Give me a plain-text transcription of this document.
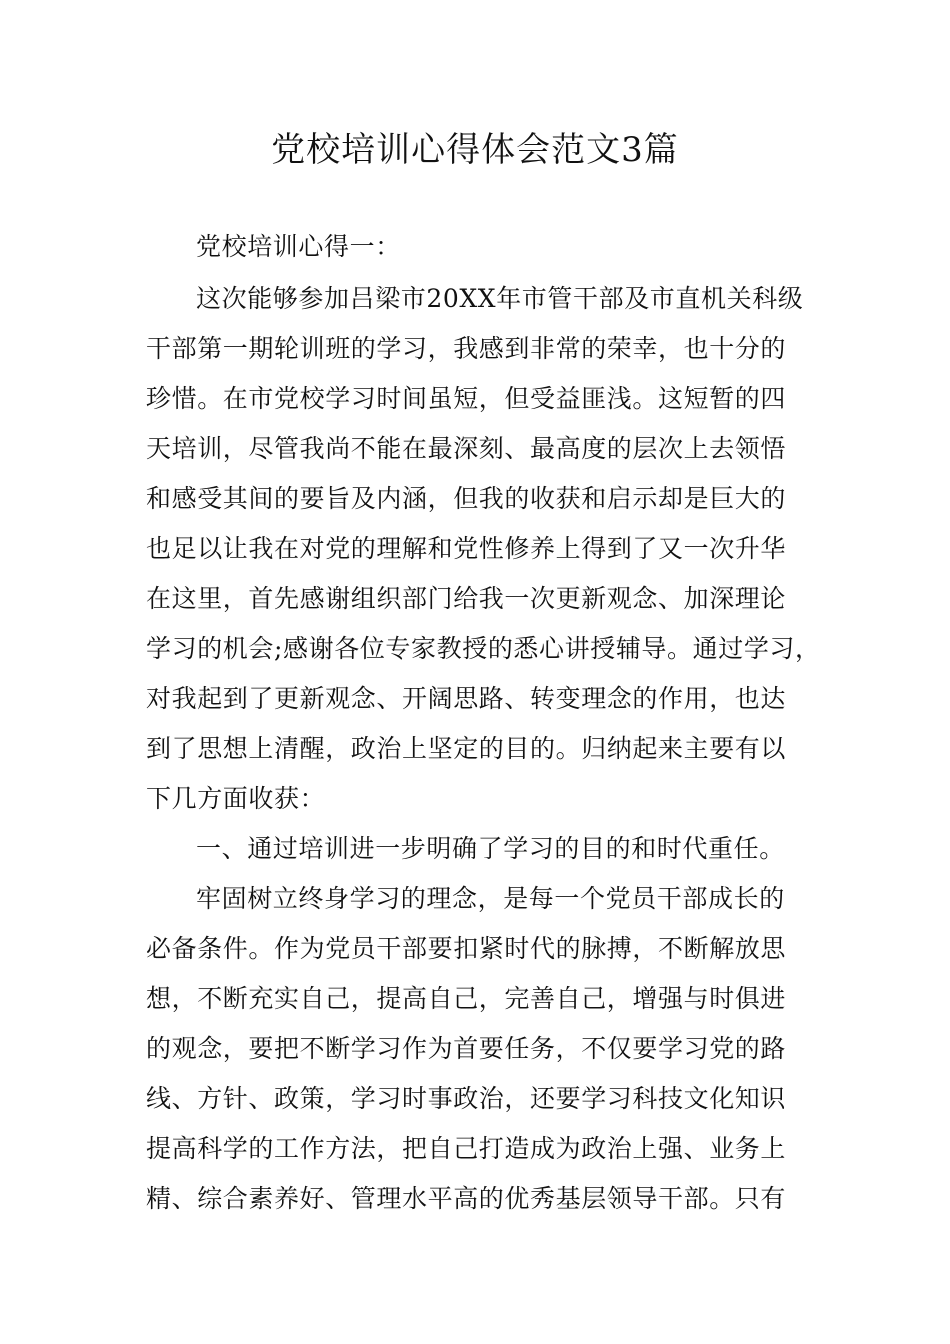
党校培训心得体会范文3篇

党校培训心得一：

这次能够参加吕梁市20XX年市管干部及市直机关科级

干部第一期轮训班的学习，我感到非常的荣幸，也十分的

珍惜。在市党校学习时间虽短，但受益匪浅。这短暂的四

天培训，尽管我尚不能在最深刻、最高度的层次上去领悟

和感受其间的要旨及内涵，但我的收获和启示却是巨大的

也足以让我在对党的理解和党性修养上得到了又一次升华

在这里，首先感谢组织部门给我一次更新观念、加深理论

学习的机会;感谢各位专家教授的悉心讲授辅导。通过学习，

对我起到了更新观念、开阔思路、转变理念的作用，也达

到了思想上清醒，政治上坚定的目的。归纳起来主要有以

下几方面收获：

一、通过培训进一步明确了学习的目的和时代重任。

牢固树立终身学习的理念，是每一个党员干部成长的

必备条件。作为党员干部要扣紧时代的脉搏，不断解放思

想，不断充实自己，提高自己，完善自己，增强与时俱进

的观念，要把不断学习作为首要任务，不仅要学习党的路

线、方针、政策，学习时事政治，还要学习科技文化知识

提高科学的工作方法，把自己打造成为政治上强、业务上

精、综合素养好、管理水平高的优秀基层领导干部。只有
